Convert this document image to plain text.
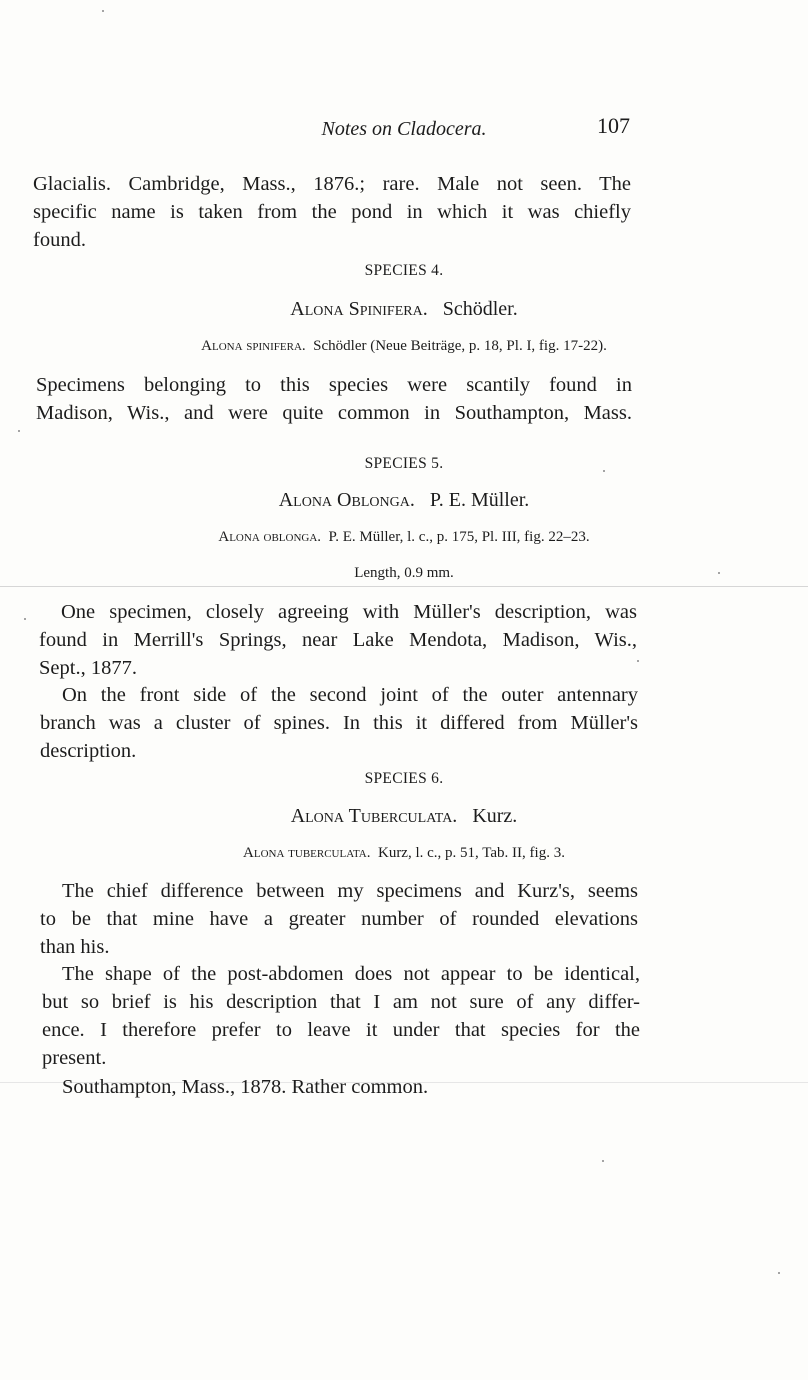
Notes on Cladocera.	107
Glacialis. Cambridge, Mass., 1876.; rare. Male not seen. The
specific name is taken from the pond in which it was chiefly
found.
SPECIES 4.
Alona Spinifera. Schödler.
Alona spinifera. Schödler (Neue Beiträge, p. 18, Pl. I, fig. 17-22).
Specimens belonging to this species were scantily found in
Madison, Wis., and were quite common in Southampton, Mass.
SPECIES 5.
Alona Oblonga. P. E. Müller.
Alona oblonga. P. E. Müller, l. c., p. 175, Pl. III, fig. 22–23.
Length, 0.9 mm.
One specimen, closely agreeing with Müller's description, was
found in Merrill's Springs, near Lake Mendota, Madison, Wis.,
Sept., 1877.
On the front side of the second joint of the outer antennary
branch was a cluster of spines. In this it differed from Müller's
description.
SPECIES 6.
Alona Tuberculata. Kurz.
Alona tuberculata. Kurz, l. c., p. 51, Tab. II, fig. 3.
The chief difference between my specimens and Kurz's, seems
to be that mine have a greater number of rounded elevations
than his.
The shape of the post-abdomen does not appear to be identical,
but so brief is his description that I am not sure of any differ-
ence. I therefore prefer to leave it under that species for the
present.
Southampton, Mass., 1878. Rather common.
